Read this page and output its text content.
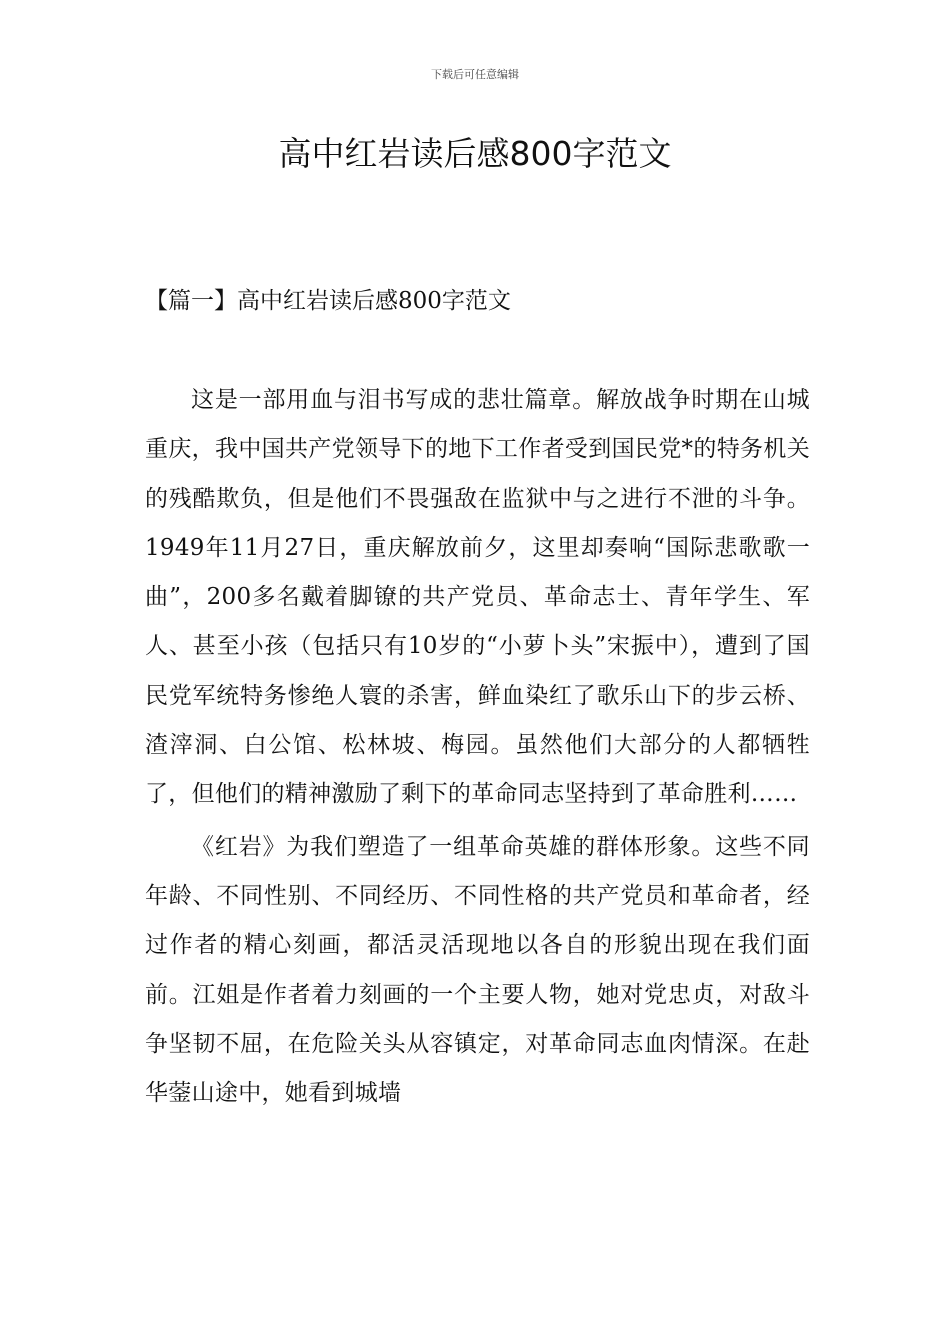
下载后可任意编辑
高中红岩读后感800字范文
【篇一】高中红岩读后感800字范文

这是一部用血与泪书写成的悲壮篇章。解放战争时期在山城重庆，我中国共产党领导下的地下工作者受到国民党*的特务机关的残酷欺负，但是他们不畏强敌在监狱中与之进行不泄的斗争。1949年11月27日，重庆解放前夕，这里却奏响“国际悲歌歌一曲”，200多名戴着脚镣的共产党员、革命志士、青年学生、军人、甚至小孩（包括只有10岁的“小萝卜头”宋振中），遭到了国民党军统特务惨绝人寰的杀害，鲜血染红了歌乐山下的步云桥、渣滓洞、白公馆、松林坡、梅园。虽然他们大部分的人都牺牲了，但他们的精神激励了剩下的革命同志坚持到了革命胜利……

《红岩》为我们塑造了一组革命英雄的群体形象。这些不同年龄、不同性别、不同经历、不同性格的共产党员和革命者，经过作者的精心刻画，都活灵活现地以各自的形貌出现在我们面前。江姐是作者着力刻画的一个主要人物，她对党忠贞，对敌斗争坚韧不屈，在危险关头从容镇定，对革命同志血肉情深。在赴华蓥山途中，她看到城墙
